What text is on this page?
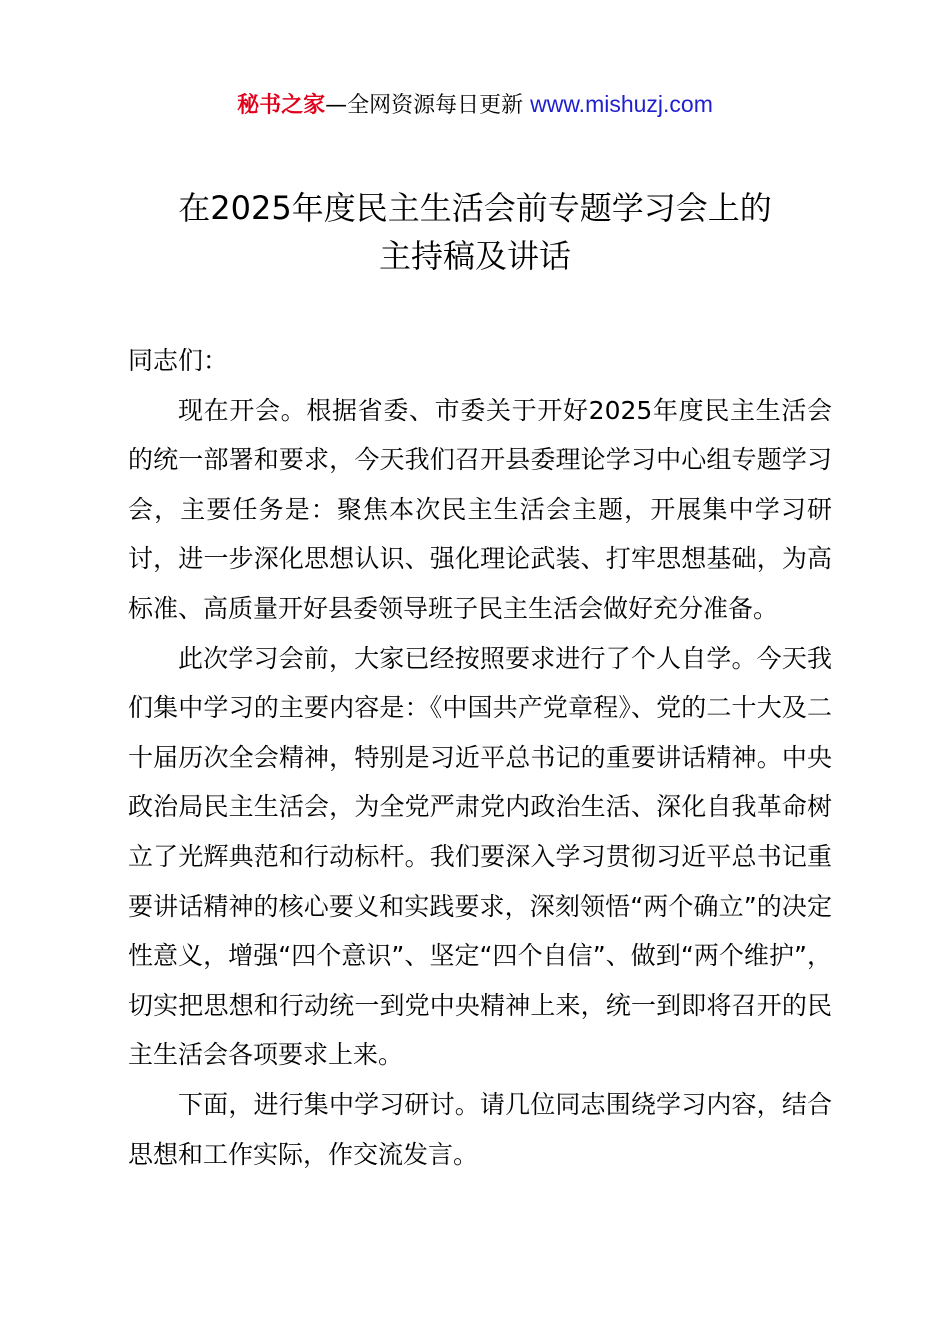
秘书之家—全网资源每日更新 www.mishuzj.com
在2025年度民主生活会前专题学习会上的
主持稿及讲话

同志们：

现在开会。根据省委、市委关于开好2025年度民主生活会的统一部署和要求，今天我们召开县委理论学习中心组专题学习会，主要任务是：聚焦本次民主生活会主题，开展集中学习研讨，进一步深化思想认识、强化理论武装、打牢思想基础，为高标准、高质量开好县委领导班子民主生活会做好充分准备。

此次学习会前，大家已经按照要求进行了个人自学。今天我们集中学习的主要内容是：《中国共产党章程》、党的二十大及二十届历次全会精神，特别是习近平总书记的重要讲话精神。中央政治局民主生活会，为全党严肃党内政治生活、深化自我革命树立了光辉典范和行动标杆。我们要深入学习贯彻习近平总书记重要讲话精神的核心要义和实践要求，深刻领悟“两个确立”的决定性意义，增强“四个意识”、坚定“四个自信”、做到“两个维护”，切实把思想和行动统一到党中央精神上来，统一到即将召开的民主生活会各项要求上来。

下面，进行集中学习研讨。请几位同志围绕学习内容，结合思想和工作实际，作交流发言。
